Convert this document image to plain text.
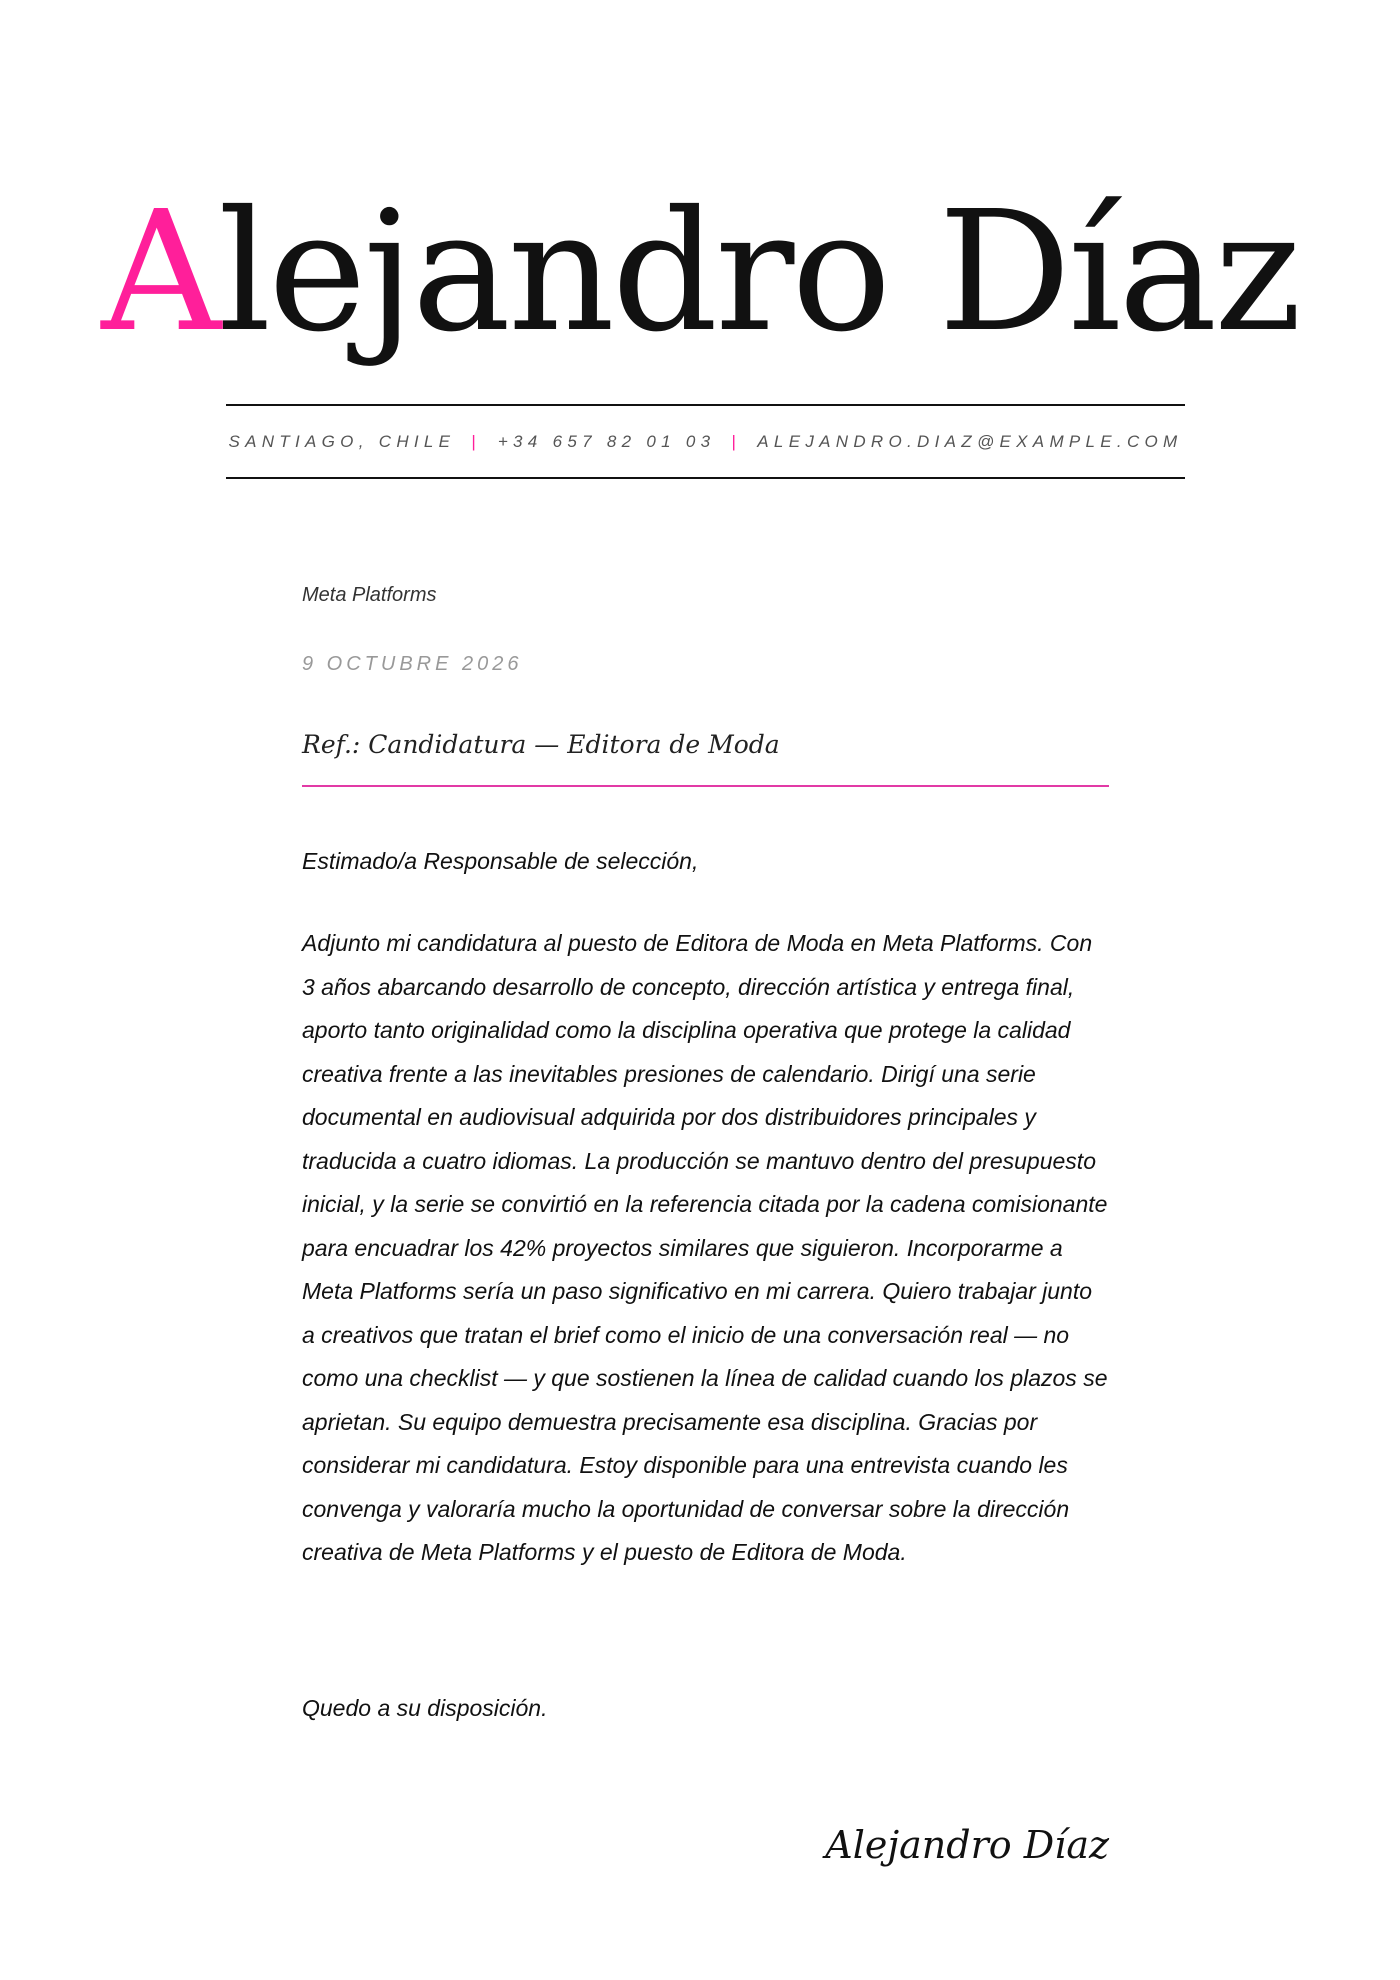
Alejandro Díaz
SANTIAGO, CHILE | +34 657 82 01 03 | ALEJANDRO.DIAZ@EXAMPLE.COM
Meta Platforms
9 OCTUBRE 2026
Ref.: Candidatura — Editora de Moda
Estimado/a Responsable de selección,
Adjunto mi candidatura al puesto de Editora de Moda en Meta Platforms. Con 3 años abarcando desarrollo de concepto, dirección artística y entrega final, aporto tanto originalidad como la disciplina operativa que protege la calidad creativa frente a las inevitables presiones de calendario. Dirigí una serie documental en audiovisual adquirida por dos distribuidores principales y traducida a cuatro idiomas. La producción se mantuvo dentro del presupuesto inicial, y la serie se convirtió en la referencia citada por la cadena comisionante para encuadrar los 42% proyectos similares que siguieron. Incorporarme a Meta Platforms sería un paso significativo en mi carrera. Quiero trabajar junto a creativos que tratan el brief como el inicio de una conversación real — no como una checklist — y que sostienen la línea de calidad cuando los plazos se aprietan. Su equipo demuestra precisamente esa disciplina. Gracias por considerar mi candidatura. Estoy disponible para una entrevista cuando les convenga y valoraría mucho la oportunidad de conversar sobre la dirección creativa de Meta Platforms y el puesto de Editora de Moda.
Quedo a su disposición.
Alejandro Díaz
